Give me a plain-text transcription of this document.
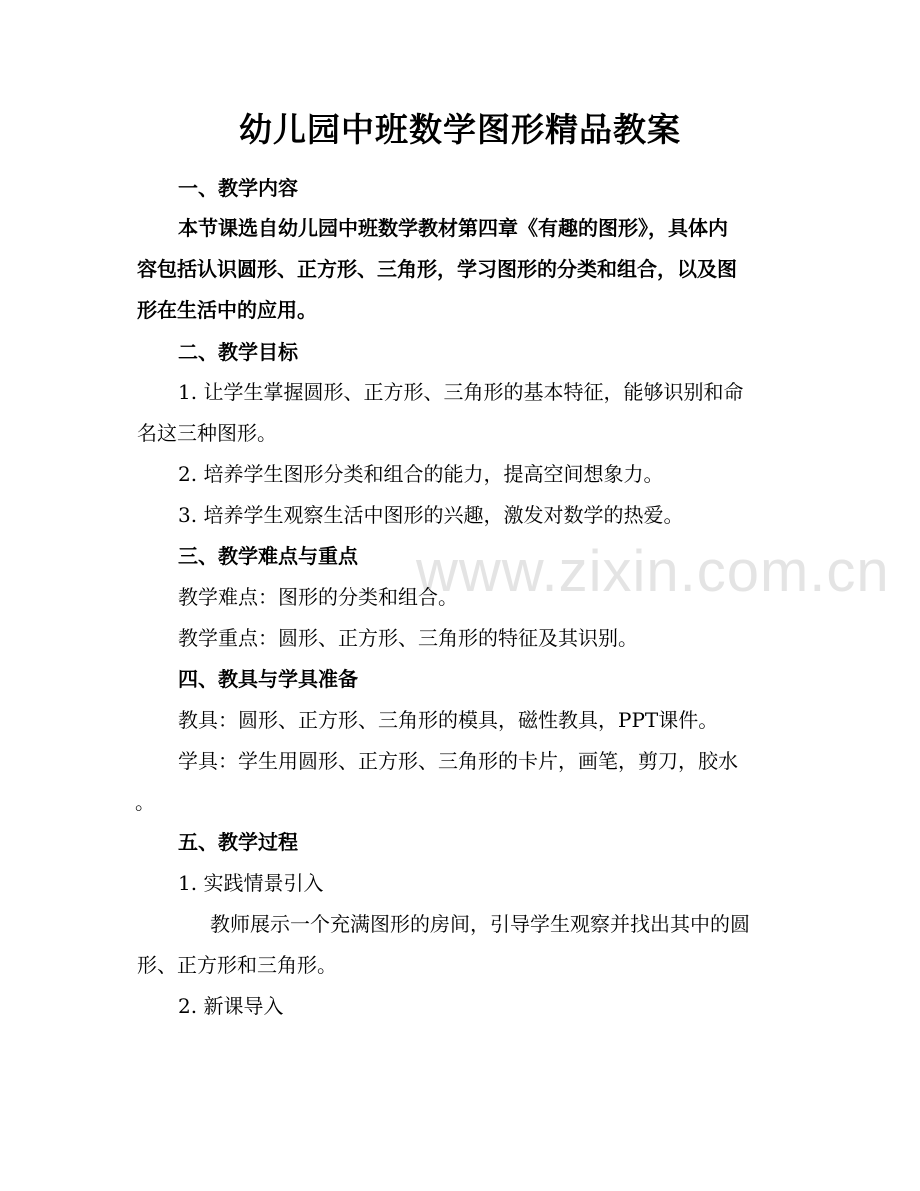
www.zixin.com.cn
幼儿园中班数学图形精品教案
一、教学内容
本节课选自幼儿园中班数学教材第四章《有趣的图形》，具体内
容包括认识圆形、正方形、三角形，学习图形的分类和组合，以及图
形在生活中的应用。
二、教学目标
1. 让学生掌握圆形、正方形、三角形的基本特征，能够识别和命
名这三种图形。
2. 培养学生图形分类和组合的能力，提高空间想象力。
3. 培养学生观察生活中图形的兴趣，激发对数学的热爱。
三、教学难点与重点
教学难点：图形的分类和组合。
教学重点：圆形、正方形、三角形的特征及其识别。
四、教具与学具准备
教具：圆形、正方形、三角形的模具，磁性教具，PPT课件。
学具：学生用圆形、正方形、三角形的卡片，画笔，剪刀，胶水
。
五、教学过程
1. 实践情景引入
教师展示一个充满图形的房间，引导学生观察并找出其中的圆
形、正方形和三角形。
2. 新课导入
